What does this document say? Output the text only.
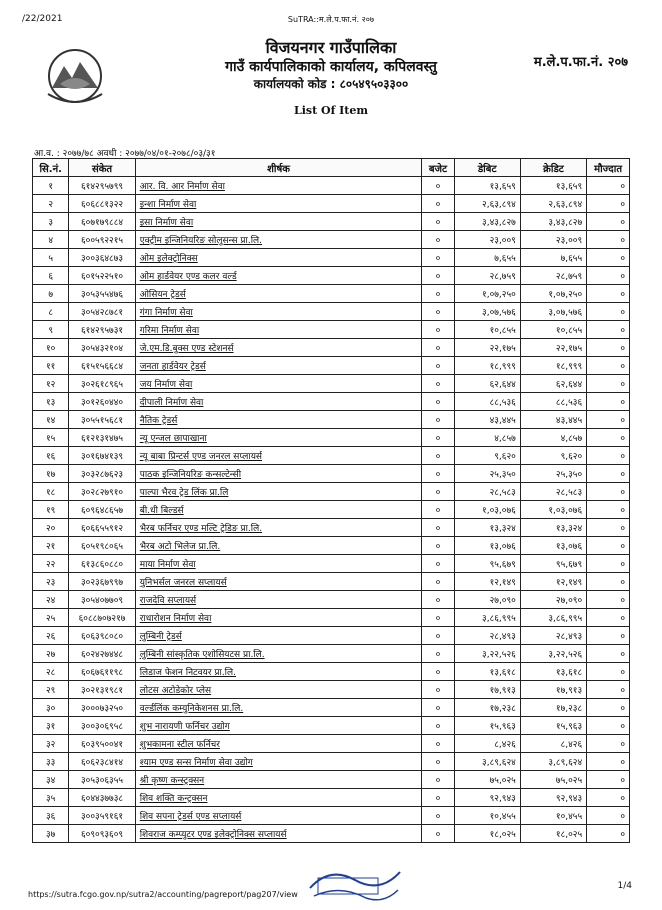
/22/2021	SuTRA::म.ले.प.फा.नं. २०७
विजयनगर गाउँपालिका
गाउँ कार्यपालिकाको कार्यालय, कपिलवस्तु
कार्यालयको कोड : ८०५४९५०३३००
म.ले.प.फा.नं. २०७
List Of Item
आ.व. : २०७७/७८ अवधी : २०७७/०४/०१-२०७८/०३/३१
सि.नं.	संकेत	शीर्षक	बजेट	डेबिट	क्रेडिट	मौज्दात
१	६१४२९५७९९	आर. वि. आर निर्माण सेवा	०	१३,६५९	१३,६५९	०
२	६०६८८१३२२	इन्शा निर्माण सेवा	०	२,६३,८९४	२,६३,८९४	०
३	६०७१७९८८४	इसा निर्माण सेवा	०	३,४३,८२७	३,४३,८२७	०
४	६००५९२२१५	एक्ट्रीम इन्जिनियरिङ सोलुसन्स प्रा.लि.	०	२३,००९	२३,००९	०
५	३००३६४८७३	ओम इलेक्ट्रोनिक्स	०	७,६५५	७,६५५	०
६	६०१५२२५१०	ओम हार्डवेयर एण्ड कलर वर्ल्ड	०	२८,७५९	२८,७५९	०
७	३०५३५५४७६	ओसियन ट्रेडर्स	०	१,०७,२५०	१,०७,२५०	०
८	३०५४२८७८१	गंगा निर्माण सेवा	०	३,०७,५७६	३,०७,५७६	०
९	६१४२९५७३१	गरिमा निर्माण सेवा	०	१०,८५५	१०,८५५	०
१०	३०५४३२१०४	जे.एम.डि.बुक्स एण्ड स्टेशनर्स	०	२२,१७५	२२,१७५	०
११	६१५१५६६८४	जनता हार्डवेयर ट्रेडर्स	०	१८,९९९	१८,९९९	०
१२	३०२६१८९६५	जय निर्माण सेवा	०	६२,६४४	६२,६४४	०
१३	३०१२६०४४०	दीपाली निर्माण सेवा	०	८८,५३६	८८,५३६	०
१४	३०५५१५६८१	नैतिक ट्रेडर्स	०	४३,४४५	४३,४४५	०
१५	६१२१३१४७५	न्यू एन्जल छापाखाना	०	४,८५७	४,८५७	०
१६	३०१६७४१३९	न्यू बाबा प्रिन्टर्स एण्ड जनरल सप्लायर्स	०	९,६२०	९,६२०	०
१७	३०३२८७६२३	पाठक इन्जिनियरिङ कन्सल्टेन्सी	०	२५,३५०	२५,३५०	०
१८	३०२८२७९१०	पाल्पा भैरव ट्रेड लिंक प्रा.लि	०	२८,५८३	२८,५८३	०
१९	६०९६४८६५७	बी.धी बिल्डर्स	०	१,०३,०७६	१,०३,०७६	०
२०	६०६६५५९१२	भैरब फर्निचर एण्ड मल्टि ट्रेडिङ प्रा.लि.	०	१३,३२४	१३,३२४	०
२१	६०५१९८०६५	भैरब अटो भिलेज प्रा.लि.	०	१३,०७६	१३,०७६	०
२२	६१३८६०८८०	माया निर्माण सेवा	०	९५,६७९	९५,६७९	०
२३	३०२३६७९९७	युनिभर्सल जनरल सप्लायर्स	०	१२,१४९	१२,१४९	०
२४	३०५४०७७०९	राजदेवि सप्लायर्स	०	२७,०९०	२७,०९०	०
२५	६०८८७०७२१७	राधारोशन निर्माण सेवा	०	३,८६,९९५	३,८६,९९५	०
२६	६०६३९८०८०	लुम्बिनी ट्रेडर्स	०	२८,४९३	२८,४९३	०
२७	६०२४२७४४८	लुम्बिनी सांस्कृतिक एशोसियटस प्रा.लि.	०	३,२२,५२६	३,२२,५२६	०
२८	६०६७६११९८	लिडाज फेशन निटवयर प्रा.लि.	०	१३,६१८	१३,६१८	०
२९	३०२१३१९८१	लोटस अटोडेकोर प्लेस	०	१७,९१३	१७,९१३	०
३०	३०००७३२५०	वर्ल्डलिंक कम्युनिकेशनस प्रा.लि.	०	१७,२३८	१७,२३८	०
३१	३००३०६९५८	शुभ नारायणी फर्निचर उद्योग	०	१५,९६३	१५,९६३	०
३२	६०३९५००४१	शुभकामना स्टील फर्निचर	०	८,४२६	८,४२६	०
३३	६०६२३८४१४	श्याम एण्ड सन्स निर्माण सेवा उद्योग	०	३,८९,६२४	३,८९,६२४	०
३४	३०५३०६३५५	श्री कृष्ण कन्स्ट्रक्सन	०	७५,०२५	७५,०२५	०
३५	६०४४३७७३८	शिव शक्ति कन्ट्रक्सन	०	९२,९४३	९२,९४३	०
३६	३००३५९१६१	शिव सपना ट्रेडर्स एण्ड सप्लायर्स	०	१०,४५५	१०,४५५	०
३७	६०९०९३६०९	शिवराज कम्प्युटर एण्ड इलेक्ट्रोनिक्स सप्लायर्स	०	१८,०२५	१८,०२५	०
https://sutra.fcgo.gov.np/sutra2/accounting/pagreport/pag207/view
1/4
